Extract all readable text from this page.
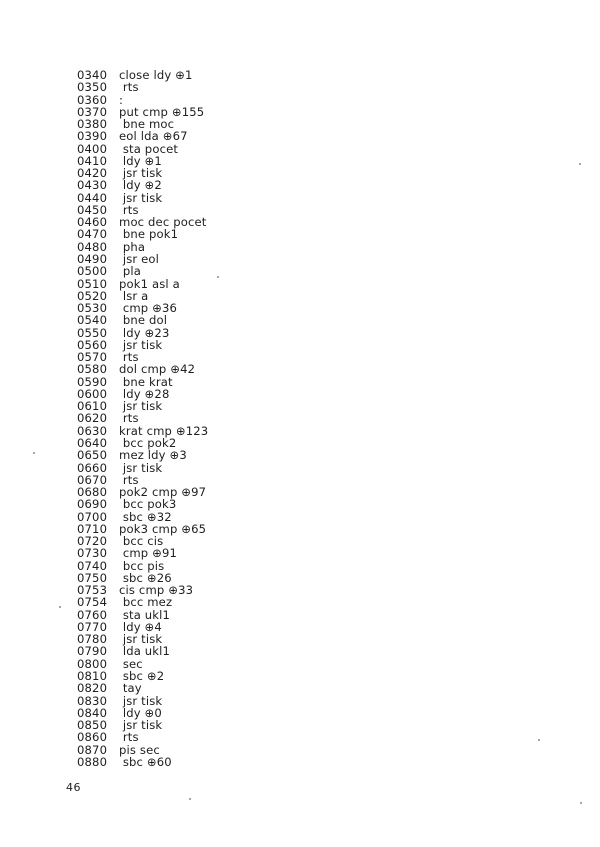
0340 close ldy ⊕1
0350 rts
0360 :
0370 put cmp ⊕155
0380 bne moc
0390 eol lda ⊕67
0400 sta pocet
0410 ldy ⊕1
0420 jsr tisk
0430 ldy ⊕2
0440 jsr tisk
0450 rts
0460 moc dec pocet
0470 bne pok1
0480 pha
0490 jsr eol
0500 pla
0510 pok1 asl a
0520 lsr a
0530 cmp ⊕36
0540 bne dol
0550 ldy ⊕23
0560 jsr tisk
0570 rts
0580 dol cmp ⊕42
0590 bne krat
0600 ldy ⊕28
0610 jsr tisk
0620 rts
0630 krat cmp ⊕123
0640 bcc pok2
0650 mez ldy ⊕3
0660 jsr tisk
0670 rts
0680 pok2 cmp ⊕97
0690 bcc pok3
0700 sbc ⊕32
0710 pok3 cmp ⊕65
0720 bcc cis
0730 cmp ⊕91
0740 bcc pis
0750 sbc ⊕26
0753 cis cmp ⊕33
0754 bcc mez
0760 sta ukl1
0770 ldy ⊕4
0780 jsr tisk
0790 lda ukl1
0800 sec
0810 sbc ⊕2
0820 tay
0830 jsr tisk
0840 ldy ⊕0
0850 jsr tisk
0860 rts
0870 pis sec
0880 sbc ⊕60
46
